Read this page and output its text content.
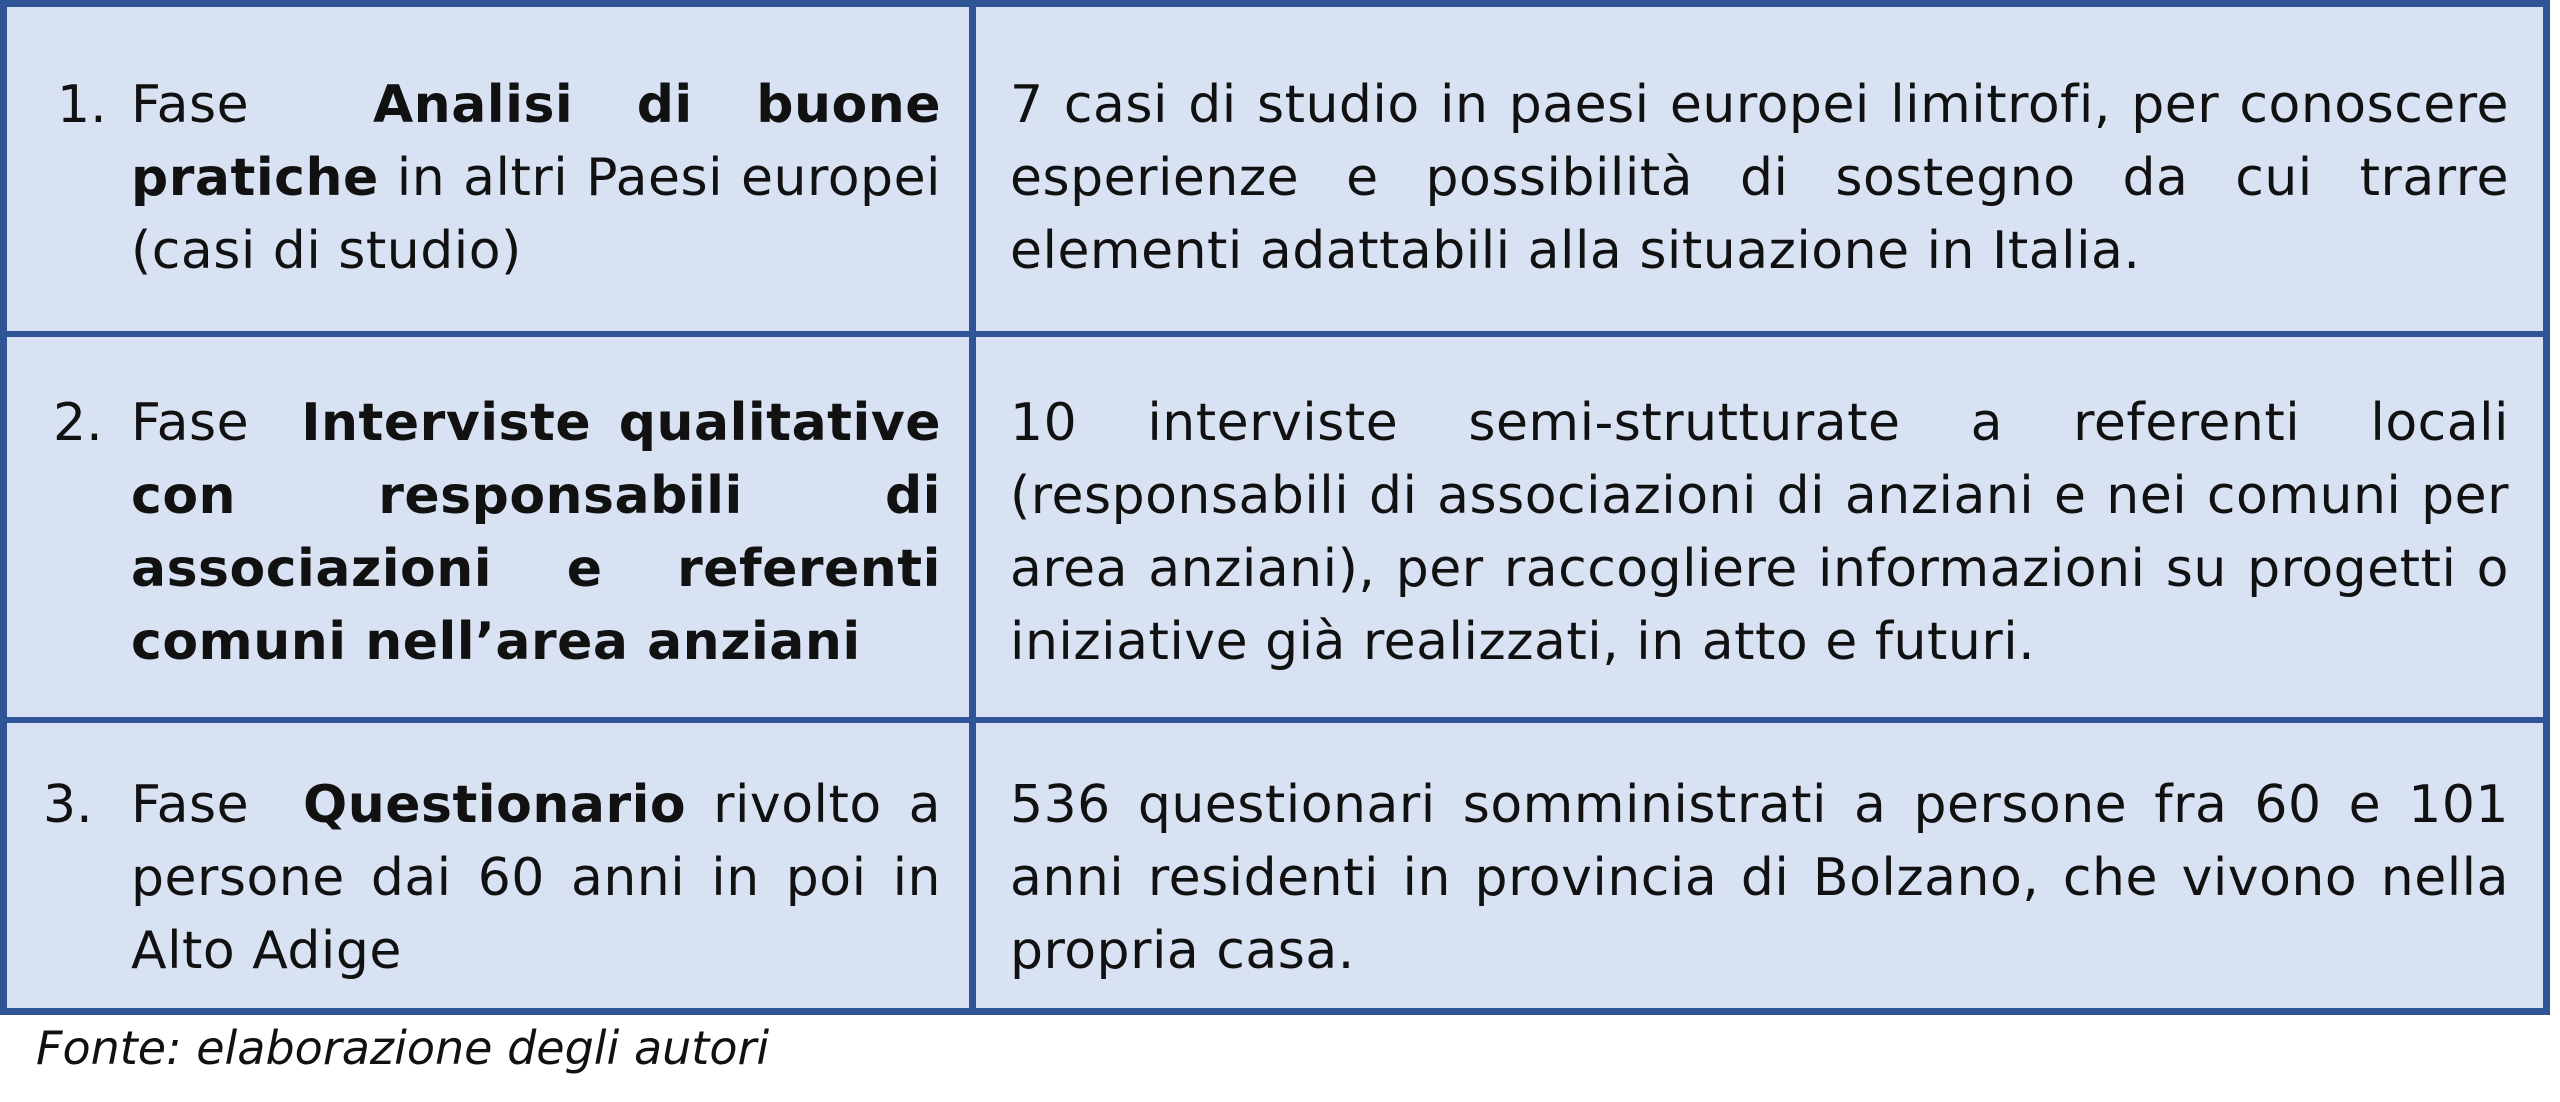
1. Fase Analisi di buone pratiche in altri Paesi europei (casi di studio)
7 casi di studio in paesi europei limitrofi, per conoscere esperienze e possibilità di sostegno da cui trarre elementi adattabili alla situazione in Italia.
2. Fase Interviste qualitative con responsabili di associazioni e referenti comuni nell’area anziani
10 interviste semi-strutturate a referenti locali (responsabili di associazioni di anziani e nei comuni per area anziani), per raccogliere informazioni su progetti o iniziative già realizzati, in atto e futuri.
3. Fase Questionario rivolto a persone dai 60 anni in poi in Alto Adige
536 questionari somministrati a persone fra 60 e 101 anni residenti in provincia di Bolzano, che vivono nella propria casa.
Fonte: elaborazione degli autori
